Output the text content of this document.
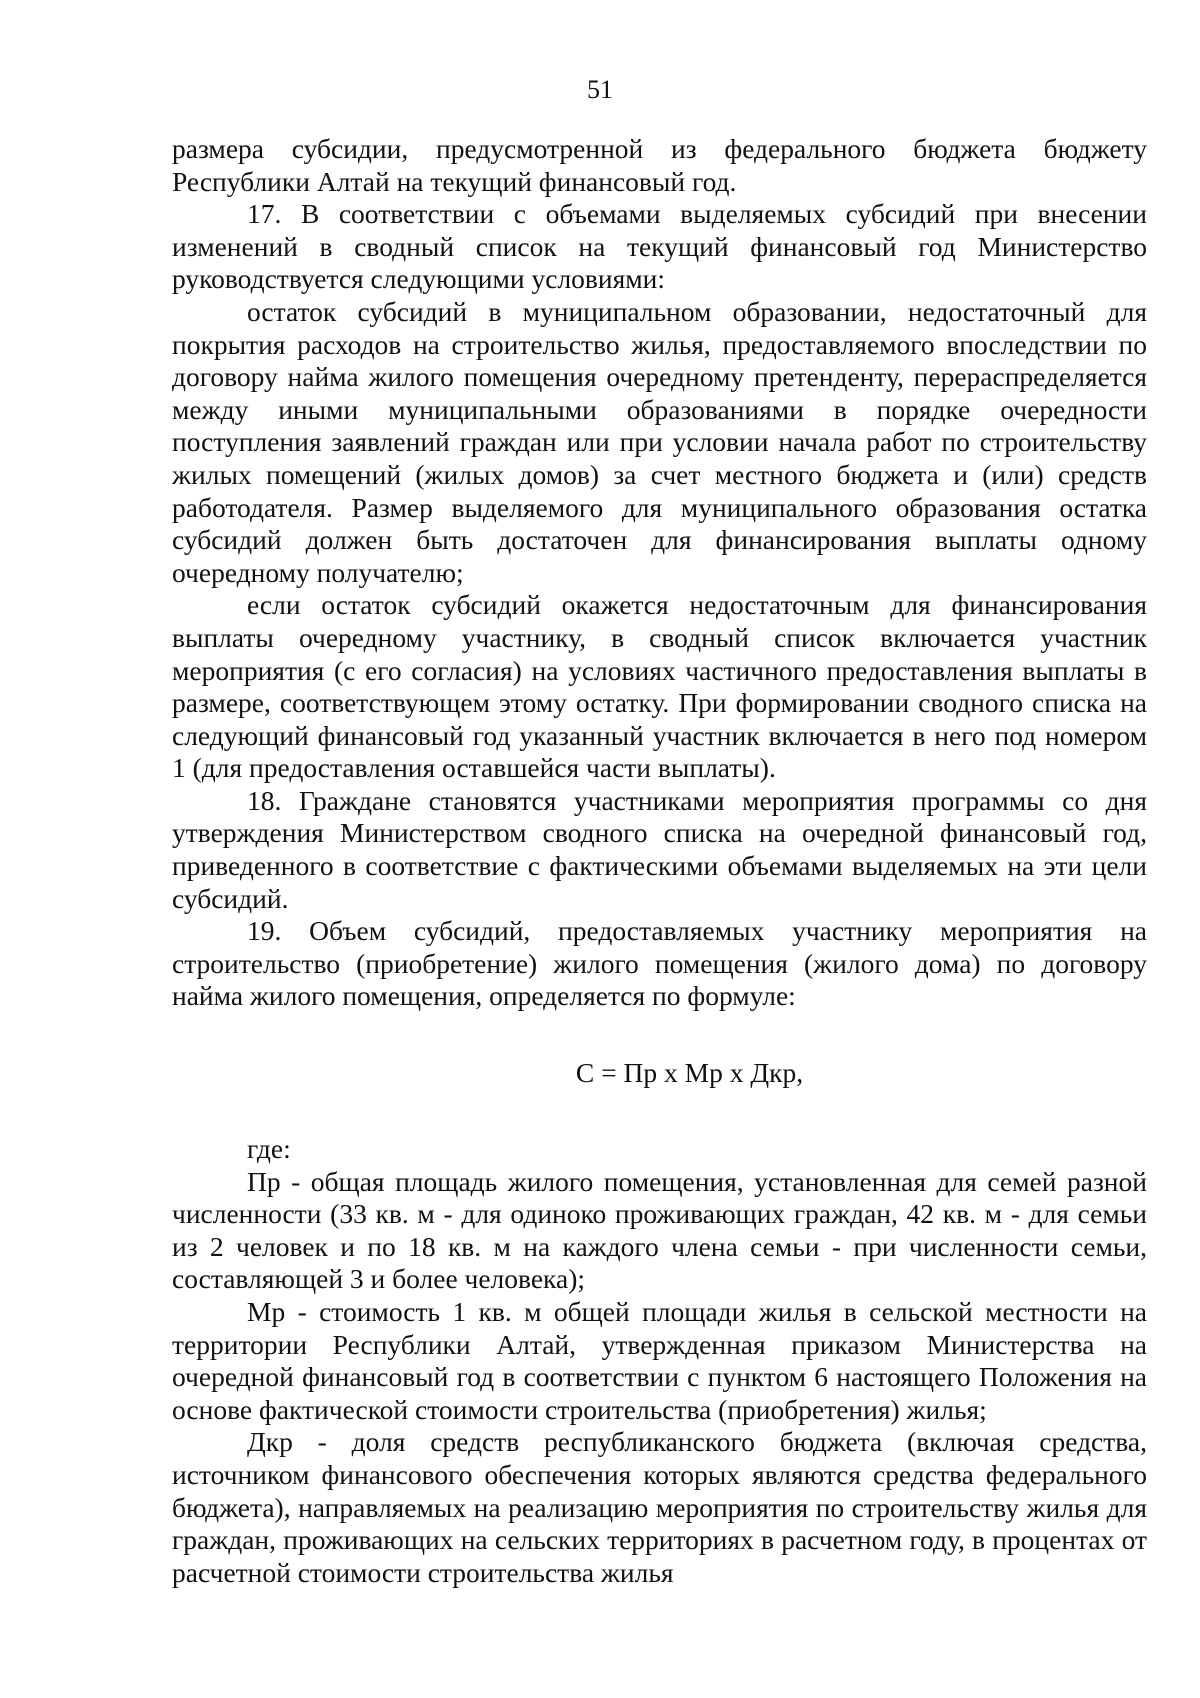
51

размера субсидии, предусмотренной из федерального бюджета бюджету Республики Алтай на текущий финансовый год.

17. В соответствии с объемами выделяемых субсидий при внесении изменений в сводный список на текущий финансовый год Министерство руководствуется следующими условиями:

остаток субсидий в муниципальном образовании, недостаточный для покрытия расходов на строительство жилья, предоставляемого впоследствии по договору найма жилого помещения очередному претенденту, перераспределяется между иными муниципальными образованиями в порядке очередности поступления заявлений граждан или при условии начала работ по строительству жилых помещений (жилых домов) за счет местного бюджета и (или) средств работодателя. Размер выделяемого для муниципального образования остатка субсидий должен быть достаточен для финансирования выплаты одному очередному получателю;

если остаток субсидий окажется недостаточным для финансирования выплаты очередному участнику, в сводный список включается участник мероприятия (с его согласия) на условиях частичного предоставления выплаты в размере, соответствующем этому остатку. При формировании сводного списка на следующий финансовый год указанный участник включается в него под номером 1 (для предоставления оставшейся части выплаты).

18. Граждане становятся участниками мероприятия программы со дня утверждения Министерством сводного списка на очередной финансовый год, приведенного в соответствие с фактическими объемами выделяемых на эти цели субсидий.

19. Объем субсидий, предоставляемых участнику мероприятия на строительство (приобретение) жилого помещения (жилого дома) по договору найма жилого помещения, определяется по формуле:

С = Пр x Мр x Дкр,

где:

Пр - общая площадь жилого помещения, установленная для семей разной численности (33 кв. м - для одиноко проживающих граждан, 42 кв. м - для семьи из 2 человек и по 18 кв. м на каждого члена семьи - при численности семьи, составляющей 3 и более человека);

Мр - стоимость 1 кв. м общей площади жилья в сельской местности на территории Республики Алтай, утвержденная приказом Министерства на очередной финансовый год в соответствии с пунктом 6 настоящего Положения на основе фактической стоимости строительства (приобретения) жилья;

Дкр - доля средств республиканского бюджета (включая средства, источником финансового обеспечения которых являются средства федерального бюджета), направляемых на реализацию мероприятия по строительству жилья для граждан, проживающих на сельских территориях в расчетном году, в процентах от расчетной стоимости строительства жилья
